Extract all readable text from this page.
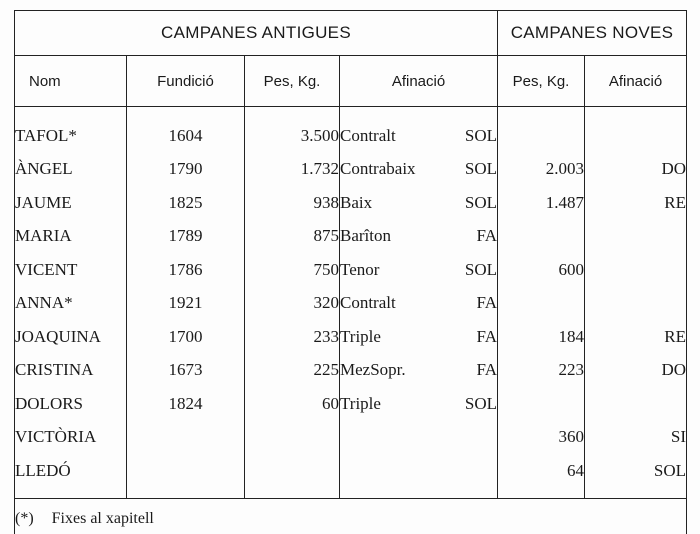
CAMPANES ANTIGUES				CAMPANES NOVES	
Nom	Fundició	Pes, Kg.	Afinació	Pes, Kg.	Afinació
TAFOL*	1604	3.500	Contralt SOL		

ÀNGEL	1790	1.732	Contrabaix SOL	2.003	DO
JAUME	1825	938	Baix SOL	1.487	RE
MARIA	1789	875	Barîton FA		

VICENT	1786	750	Tenor SOL	600	
ANNA*	1921	320	Contralt FA		

JOAQUINA	1700	233	Triple FA	184	RE
CRISTINA	1673	225	MezSopr. FA	223	DO
DOLORS	1824	60	Triple SOL		

VICTÒRIA				360	SI
LLEDÓ				64	SOL
(*) Fixes al xapitell					
